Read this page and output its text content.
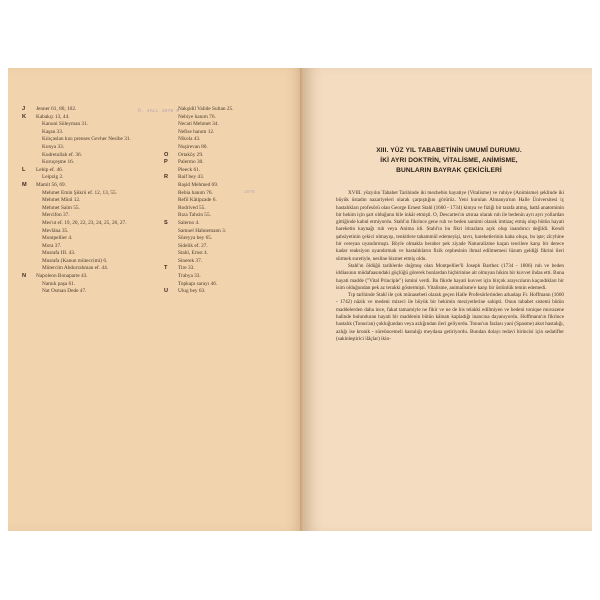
Ö. 4ALL 1970 R
1970
J Jenner 61, 80, 102.
K Kabakçı 13, 44.
Kanuni Süleyman 31.
Kaşan 33.
Kılıçaslan kızı prenses Gevher Nesibe 31.
Konya 33.
Kudretullah ef. 36.
Kuruçeşme 16.
L Lebip ef. 46.
Leipzig 2.
M Mamit 56, 69.
Mehmet Emin Şükrü ef. 12, 13, 55.
Mehmet Münl 12.
Mehmet Saim 55.
Mercifon 37.
Mes'ut ef. 19, 20, 22, 23, 24, 25, 26, 27.
Mevlâna 35.
Montpellier 4.
Mora 37.
Mustafa III. 43.
Mustafa (Kanun müteccimi) 6.
Mütercim Abdurrahman ef. 44.
N Napoleon Bonaparte 43.
Namık paşa 61.
Nat Osman Dede 47.
Nakşidil Valide Sultan 25.
Nebiye hanım 76.
Necati Mehmet 34.
Nefise hanım 12.
Nikola 43.
Nuşirevan 80.
O Ortaköy 29.
P Palermo 30.
Pleeck 61.
R Raif bey 43.
Raşid Mehmed 69.
Rebia hanım 76.
Refil Kâtipzade 6.
Rodrived 55.
Rıza Tahsin 55.
S Salerno 4.
Samuel Hahnemann 3.
Süreyya bey 65.
Sidelik ef. 27.
Stahl, Ernst 4.
Sinerek 37.
T Tire 33.
Trabya 33.
Topkapı sarayı 46.
U Ulug bey 63.
XIII. YÜZ YIL TABABETİNİN UMUMÎ DURUMU.
İKİ AYRI DOKTRİN, VİTALİSME, ANİMİSME,
BUNLARIN BAYRAK ÇEKİCİLERİ

XVIII. yüzyılın Tababet Tarihinde iki mezhebin hayatiye (Vitalisme) ve ruhiye (Animisme) şeklinde iki büyük üstadın nazariyeleri olarak çarpıştığını görürüz. Yeni kurulan Almanya'nın Halle Üniversitesi iç hastalıkları profesörü olan George Ernest Stahl (1660 - 1734) kimya ve fiziği bir tarafa atmış, hattâ anatominin bir hekim için şart olduğunu bile inkâr etmişti. O, Descartes'ın ıztıraa olarak ruh ile bedenin ayrı ayrı yollardan gittiğinde kabul etmiyordu. Stahl'ın fikrince gene ruh ve beden samimi olarak imtizaç etmiş olup bütün hayati hareketin kaynağı ruh veya Anima idi. Stahl'ın bu fikri itirazlara açık olup inandırıcı değildi. Kendi şahsiyetinin çekici olmayışı, tenkitlere tahammül edemeyişi, tavrı, hareketlerinin kaba oluşu, bu işte; zîcyhine bir cereyan uyandırmıştı. Böyle olmakla beraber pek ziyade Natuıralizme kaçan teorilere karşı bir derece kadar reaksiyon uyandırmak ve hastalıkların fizik cephesinin ihmal edilmemesi lüzum geldiği fikrini ileri sürmek suretiyle, nesline hizmet etmiş oldu.

Stahl'ın öldüğü tarihlerde doğmuş olan Montpellier'li Joseph Barthez (1734 - 1806) ruh ve beden iddiasının müdafaasındaki güçlüğü görerek bunlardan hiçbirinine ait olmıyan hikim bir kuvvet ihdas etti. Buna hayati madde ("Vital Principle") ismini verdi. Bu fikrde hayati kuvvet için birçok arayıcıların kaçındıkları bir isim olduğundan pek az terakki göstermişti. Vitalisme, animalisme'e karşı bir üstünlük temin edemedi.

Tıp tarihinde Stahl ile çok münasebeti olarak geçen Halle Profesörlerinden arkadaşı Fr. Hoffmann (1660 - 1742) nâzik ve medeni mizeci ile büyük bir hekimin meziyetlerine sahipti. Onun tababet sistemi bütün maddelerden daha ince, fakat tamamiyle ne fikir ve ne de his telakki edilmiyen ve bedeni tonique muvazene halinde bulunduran hayati bir maddenin bütün kâinatı kapladığı inancına dayanıyordu. Hoffmann'ın fikrince hastalık (Tonus'an) çokluğundan veya azlığından ileri geliyordu. Tonus'un fazlası yani (Spasme) akut hastalığı, azlığı ise kronik - süreüncemeli hastalığı meydana getiriyordu. Bundan dolayı tedavi birincisi için sedatifler (sakinleştirici ilâçlar) ikin-
